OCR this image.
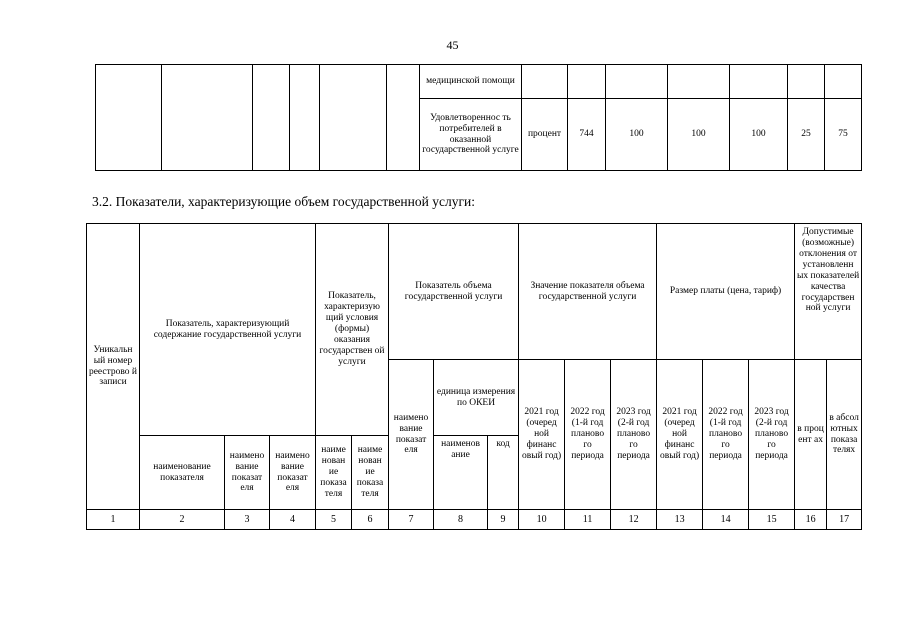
45
						медицинской помощи							
						Удовлетвореннос ть потребителей в оказанной государственной услуге	процент	744	100	100	100	25	75
3.2. Показатели, характеризующие объем государственной услуги:
Уникальн ый номер реестрово й записи	Показатель, характеризующий содержание государственной услуги			Показатель, характеризую щий условия (формы) оказания государствен ой услуги		Показатель объема государственной услуги			Значение показателя объема государственной услуги			Размер платы (цена, тариф)			Допустимые (возможные) отклонения от установленн ых показателей качества государствен ной услуги	
						наимено вание показат еля	единица измерения по ОКЕИ		2021 год (очеред ной финанс овый год)	2022 год (1-й год планово го периода	2023 год (2-й год планово го периода	2021 год (очеред ной финанс овый год)	2022 год (1-й год планово го периода	2023 год (2-й год планово го периода	в проц ент ах	в абсол ютных показа телях
	наименование показателя	наимено вание показат еля	наимено вание показат еля	наиме нован ие показа теля	наиме нован ие показа теля		наименов ание	код								
1	2	3	4	5	6	7	8	9	10	11	12	13	14	15	16	17
